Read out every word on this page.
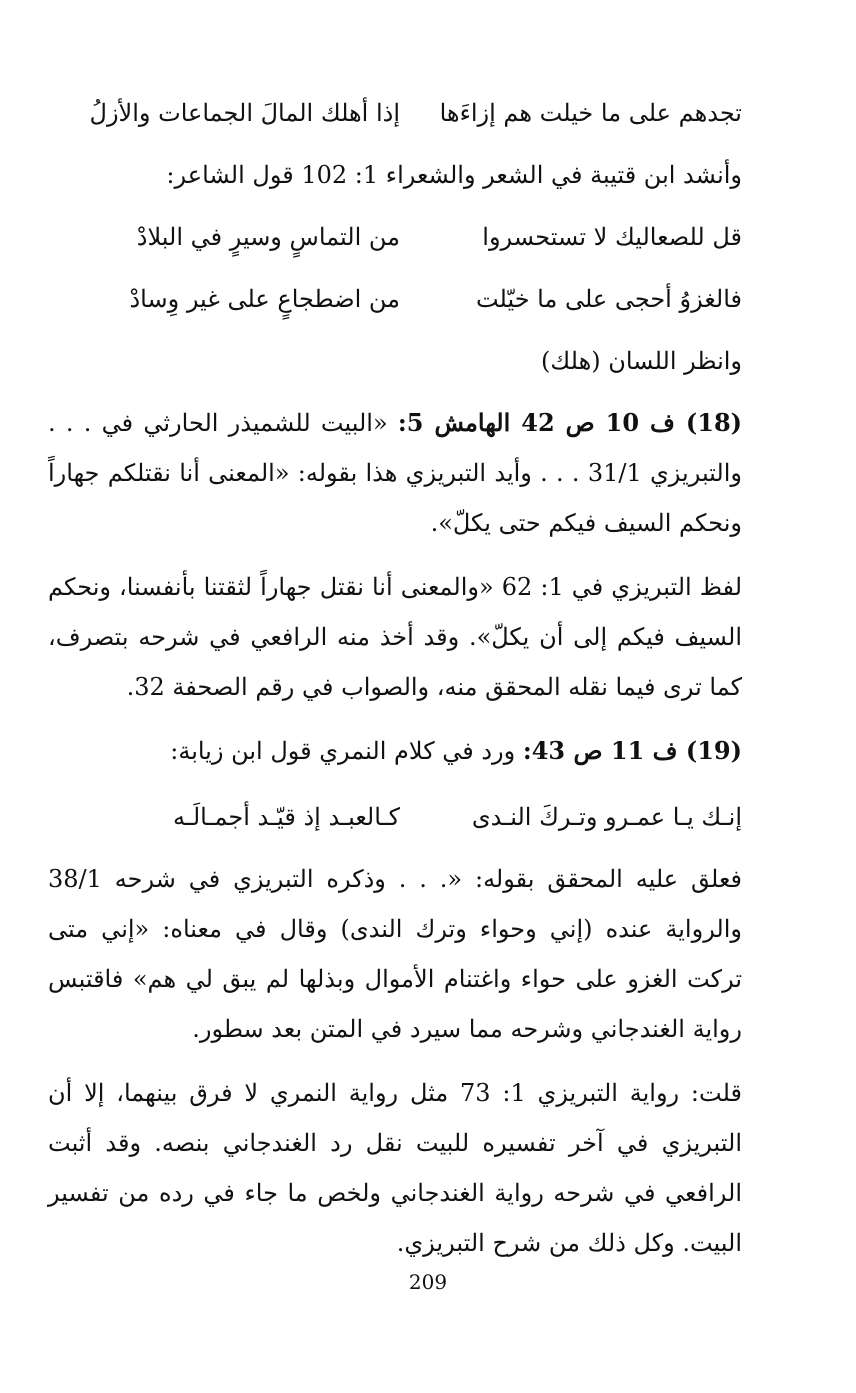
تجدهم على ما خيلت هم إزاءَها
إذا أهلك المالَ الجماعات والأزلُ
وأنشد ابن قتيبة في الشعر والشعراء 1: 102 قول الشاعر:
قل للصعاليك لا تستحسروا
من التماسٍ وسيرٍ في البلادْ
فالغزوُ أحجى على ما خيّلت
من اضطجاعٍ على غير وِسادْ
وانظر اللسان (هلك)

(18) ف 10 ص 42 الهامش 5: «البيت للشميذر الحارثي في . . . والتبريزي 31/1 . . . وأيد التبريزي هذا بقوله: «المعنى أنا نقتلكم جهاراً ونحكم السيف فيكم حتى يكلّ».

لفظ التبريزي في 1: 62 «والمعنى أنا نقتل جهاراً لثقتنا بأنفسنا، ونحكم السيف فيكم إلى أن يكلّ». وقد أخذ منه الرافعي في شرحه بتصرف، كما ترى فيما نقله المحقق منه، والصواب في رقم الصحفة 32.

(19) ف 11 ص 43: ورد في كلام النمري قول ابن زيابة:

إنـك يـا عمـرو وتـركَ النـدى
كـالعبـد إذ قيّـد أجمـالَـه

فعلق عليه المحقق بقوله: «. . . وذكره التبريزي في شرحه 38/1 والرواية عنده (إني وحواء وترك الندى) وقال في معناه: «إني متى تركت الغزو على حواء واغتنام الأموال وبذلها لم يبق لي هم» فاقتبس رواية الغندجاني وشرحه مما سيرد في المتن بعد سطور.

قلت: رواية التبريزي 1: 73 مثل رواية النمري لا فرق بينهما، إلا أن التبريزي في آخر تفسيره للبيت نقل رد الغندجاني بنصه. وقد أثبت الرافعي في شرحه رواية الغندجاني ولخص ما جاء في رده من تفسير البيت. وكل ذلك من شرح التبريزي.

209
